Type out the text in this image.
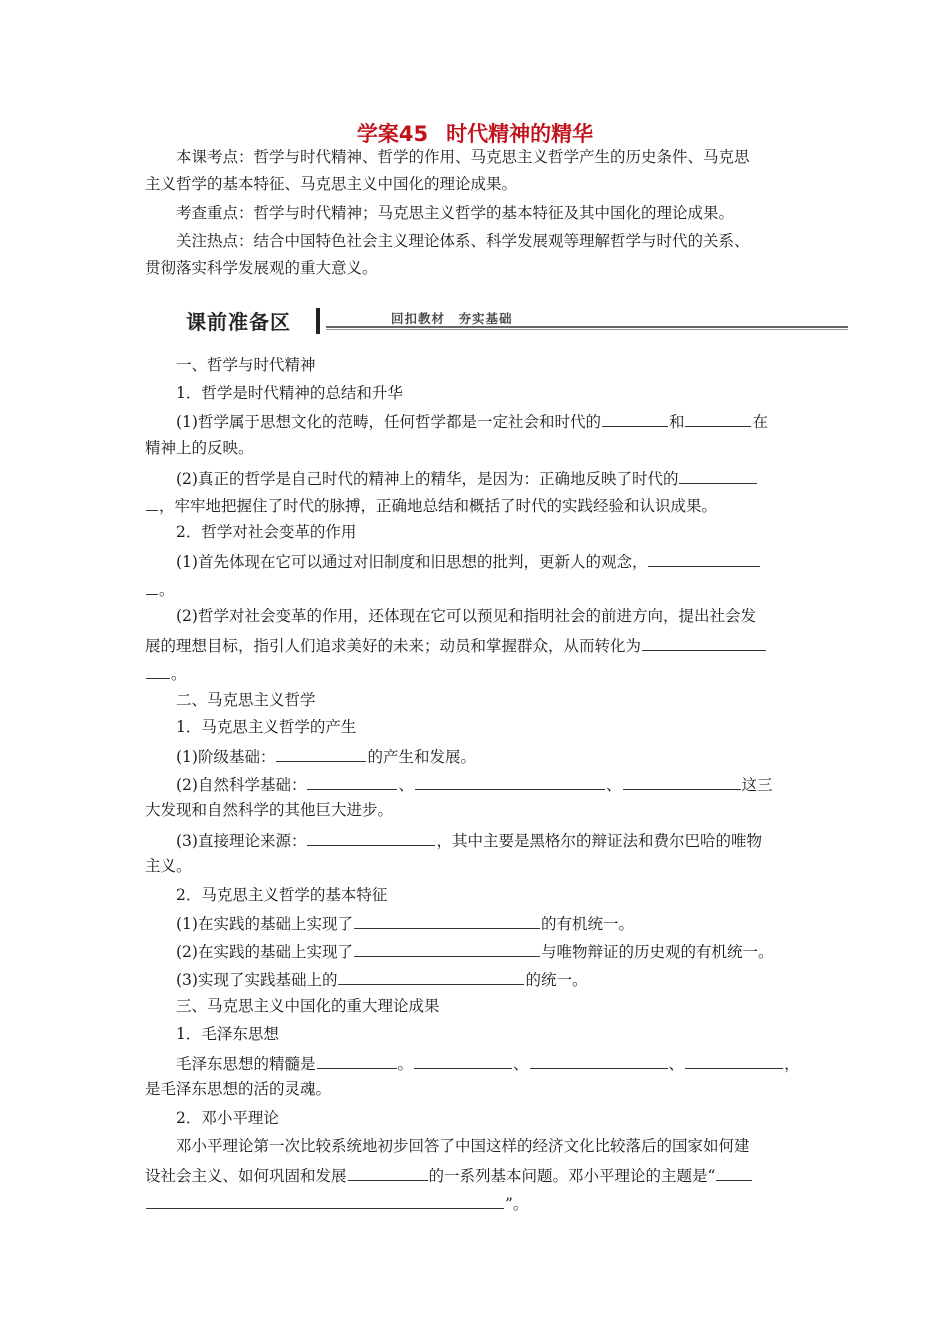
学案45 时代精神的精华
本课考点：哲学与时代精神、哲学的作用、马克思主义哲学产生的历史条件、马克思
主义哲学的基本特征、马克思主义中国化的理论成果。
考查重点：哲学与时代精神；马克思主义哲学的基本特征及其中国化的理论成果。
关注热点：结合中国特色社会主义理论体系、科学发展观等理解哲学与时代的关系、
贯彻落实科学发展观的重大意义。
课前准备区	回扣教材　夯实基础
一、哲学与时代精神
1．哲学是时代精神的总结和升华
(1)哲学属于思想文化的范畴，任何哲学都是一定社会和时代的	和	在
精神上的反映。
(2)真正的哲学是自己时代的精神上的精华，是因为：正确地反映了时代的
，牢牢地把握住了时代的脉搏，正确地总结和概括了时代的实践经验和认识成果。
2．哲学对社会变革的作用
(1)首先体现在它可以通过对旧制度和旧思想的批判，更新人的观念，
。
(2)哲学对社会变革的作用，还体现在它可以预见和指明社会的前进方向，提出社会发
展的理想目标，指引人们追求美好的未来；动员和掌握群众，从而转化为
。
二、马克思主义哲学
1．马克思主义哲学的产生
(1)阶级基础：	的产生和发展。
(2)自然科学基础：	、	、	这三
大发现和自然科学的其他巨大进步。
(3)直接理论来源：	，其中主要是黑格尔的辩证法和费尔巴哈的唯物
主义。
2．马克思主义哲学的基本特征
(1)在实践的基础上实现了	的有机统一。
(2)在实践的基础上实现了	与唯物辩证的历史观的有机统一。
(3)实现了实践基础上的	的统一。
三、马克思主义中国化的重大理论成果
1．毛泽东思想
毛泽东思想的精髓是	。	、	、	，
是毛泽东思想的活的灵魂。
2．邓小平理论
邓小平理论第一次比较系统地初步回答了中国这样的经济文化比较落后的国家如何建
设社会主义、如何巩固和发展	的一系列基本问题。邓小平理论的主题是“
”。
